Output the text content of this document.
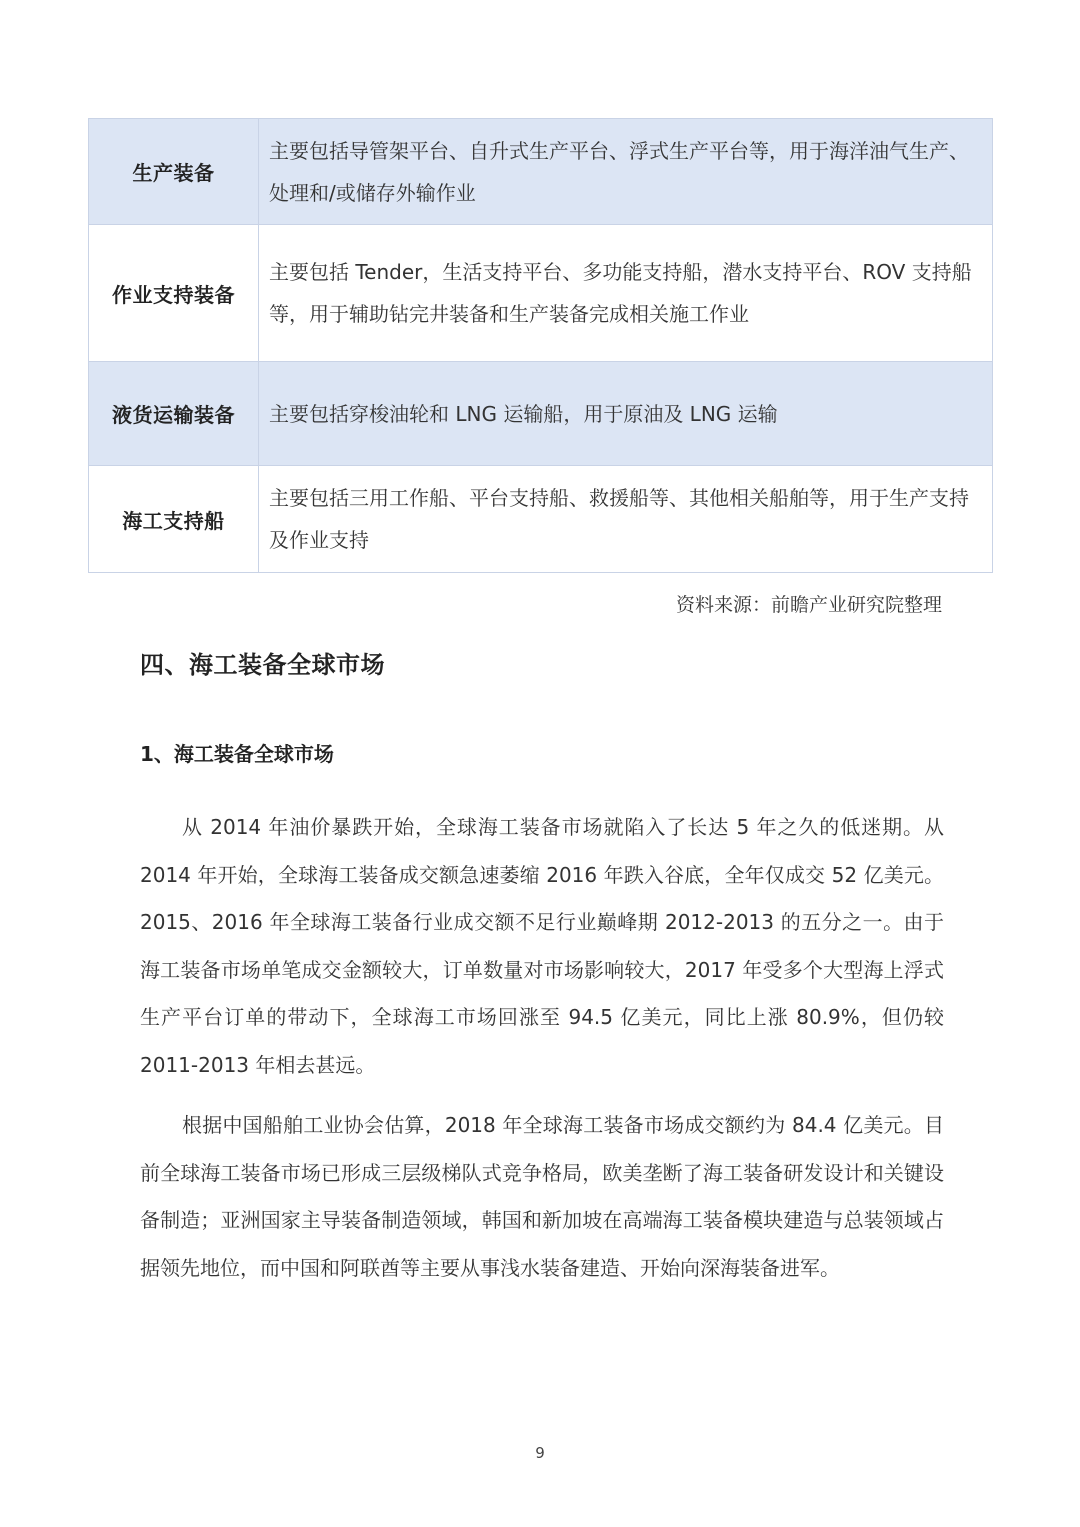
生产装备	主要包括导管架平台、自升式生产平台、浮式生产平台等，用于海洋油气生产、处理和/或储存外输作业
作业支持装备	主要包括 Tender，生活支持平台、多功能支持船，潜水支持平台、ROV 支持船等，用于辅助钻完井装备和生产装备完成相关施工作业
液货运输装备	主要包括穿梭油轮和 LNG 运输船，用于原油及 LNG 运输
海工支持船	主要包括三用工作船、平台支持船、救援船等、其他相关船舶等，用于生产支持及作业支持
资料来源：前瞻产业研究院整理
四、海工装备全球市场
1、海工装备全球市场

从 2014 年油价暴跌开始，全球海工装备市场就陷入了长达 5 年之久的低迷期。从 2014 年开始，全球海工装备成交额急速萎缩 2016 年跌入谷底，全年仅成交 52 亿美元。2015、2016 年全球海工装备行业成交额不足行业巅峰期 2012-2013 的五分之一。由于海工装备市场单笔成交金额较大，订单数量对市场影响较大，2017 年受多个大型海上浮式生产平台订单的带动下，全球海工市场回涨至 94.5 亿美元，同比上涨 80.9%，但仍较 2011-2013 年相去甚远。

根据中国船舶工业协会估算，2018 年全球海工装备市场成交额约为 84.4 亿美元。目前全球海工装备市场已形成三层级梯队式竞争格局，欧美垄断了海工装备研发设计和关键设备制造；亚洲国家主导装备制造领域，韩国和新加坡在高端海工装备模块建造与总装领域占据领先地位，而中国和阿联酋等主要从事浅水装备建造、开始向深海装备进军。

9
